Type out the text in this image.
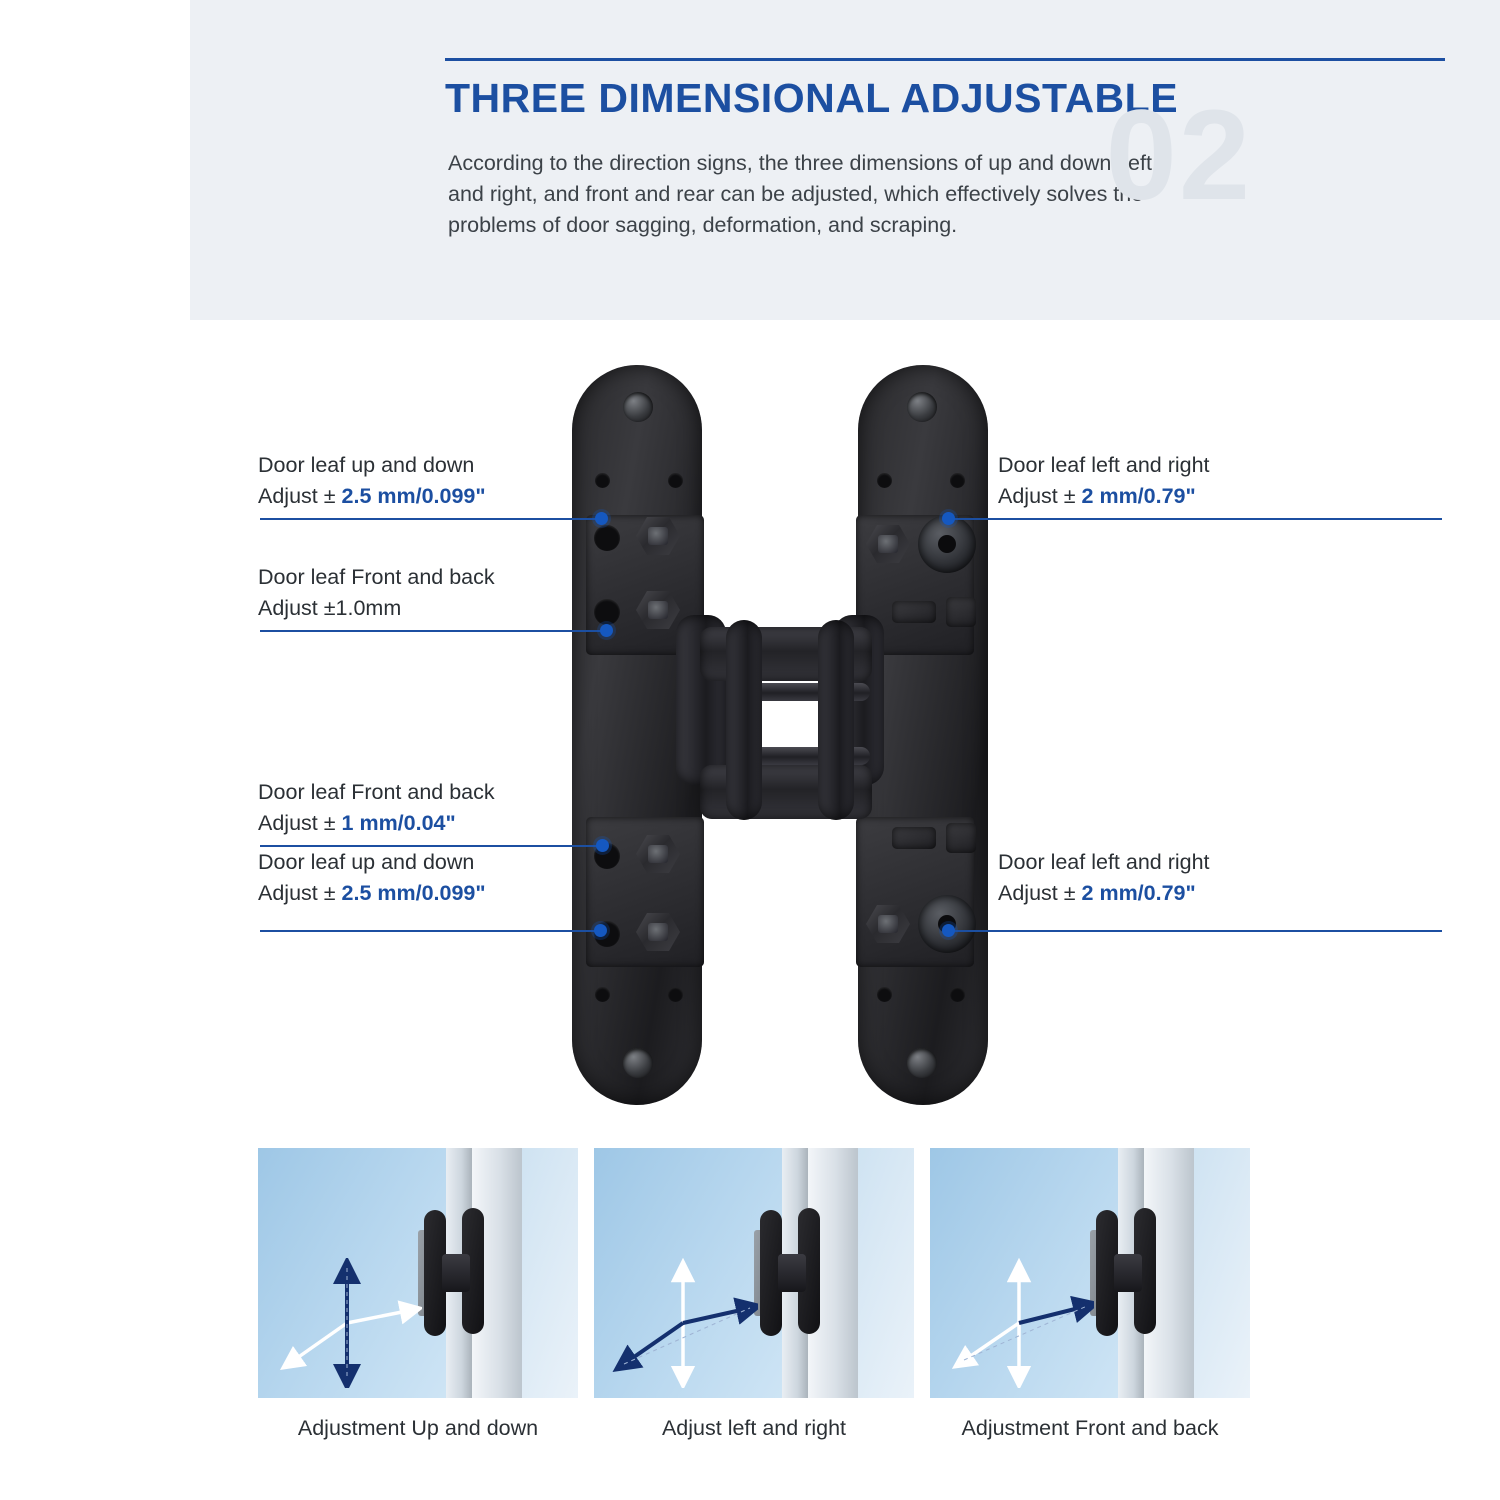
THREE DIMENSIONAL ADJUSTABLE
According to the direction signs, the three dimensions of up and down, left and right, and front and rear can be adjusted, which effectively solves the problems of door sagging, deformation, and scraping.	02
Door leaf up and down
Adjust ± 2.5 mm/0.099"
Door leaf Front and back
Adjust ±1.0mm
Door leaf Front and back
Adjust ± 1 mm/0.04"
Door leaf up and down
Adjust ± 2.5 mm/0.099"
Door leaf left and right
Adjust ± 2 mm/0.79"
Door leaf left and right
Adjust ± 2 mm/0.79"
Adjustment Up and down	Adjust left and right	Adjustment Front and back
